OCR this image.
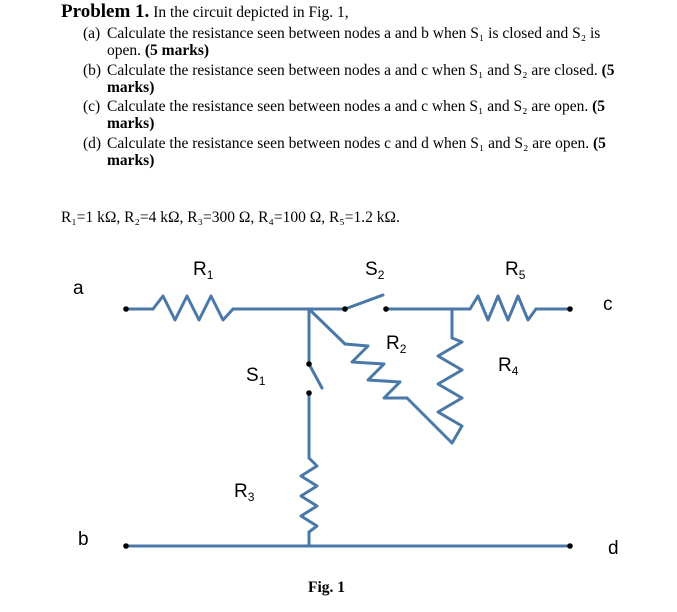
Problem 1. In the circuit depicted in Fig. 1,
(a) Calculate the resistance seen between nodes a and b when S₁ is closed and S₂ is
open. (5 marks)
(b) Calculate the resistance seen between nodes a and c when S₁ and S₂ are closed. (5
marks)
(c) Calculate the resistance seen between nodes a and c when S₁ and S₂ are open. (5
marks)
(d) Calculate the resistance seen between nodes c and d when S₁ and S₂ are open. (5
marks)
R₁=1 kΩ, R₂=4 kΩ, R₃=300 Ω, R₄=100 Ω, R₅=1.2 kΩ.
a
b
c
d
$R_1$	$S_2$	$R_5$
$R_2$
$R_4$
$S_1$
$R_3$
Fig. 1
